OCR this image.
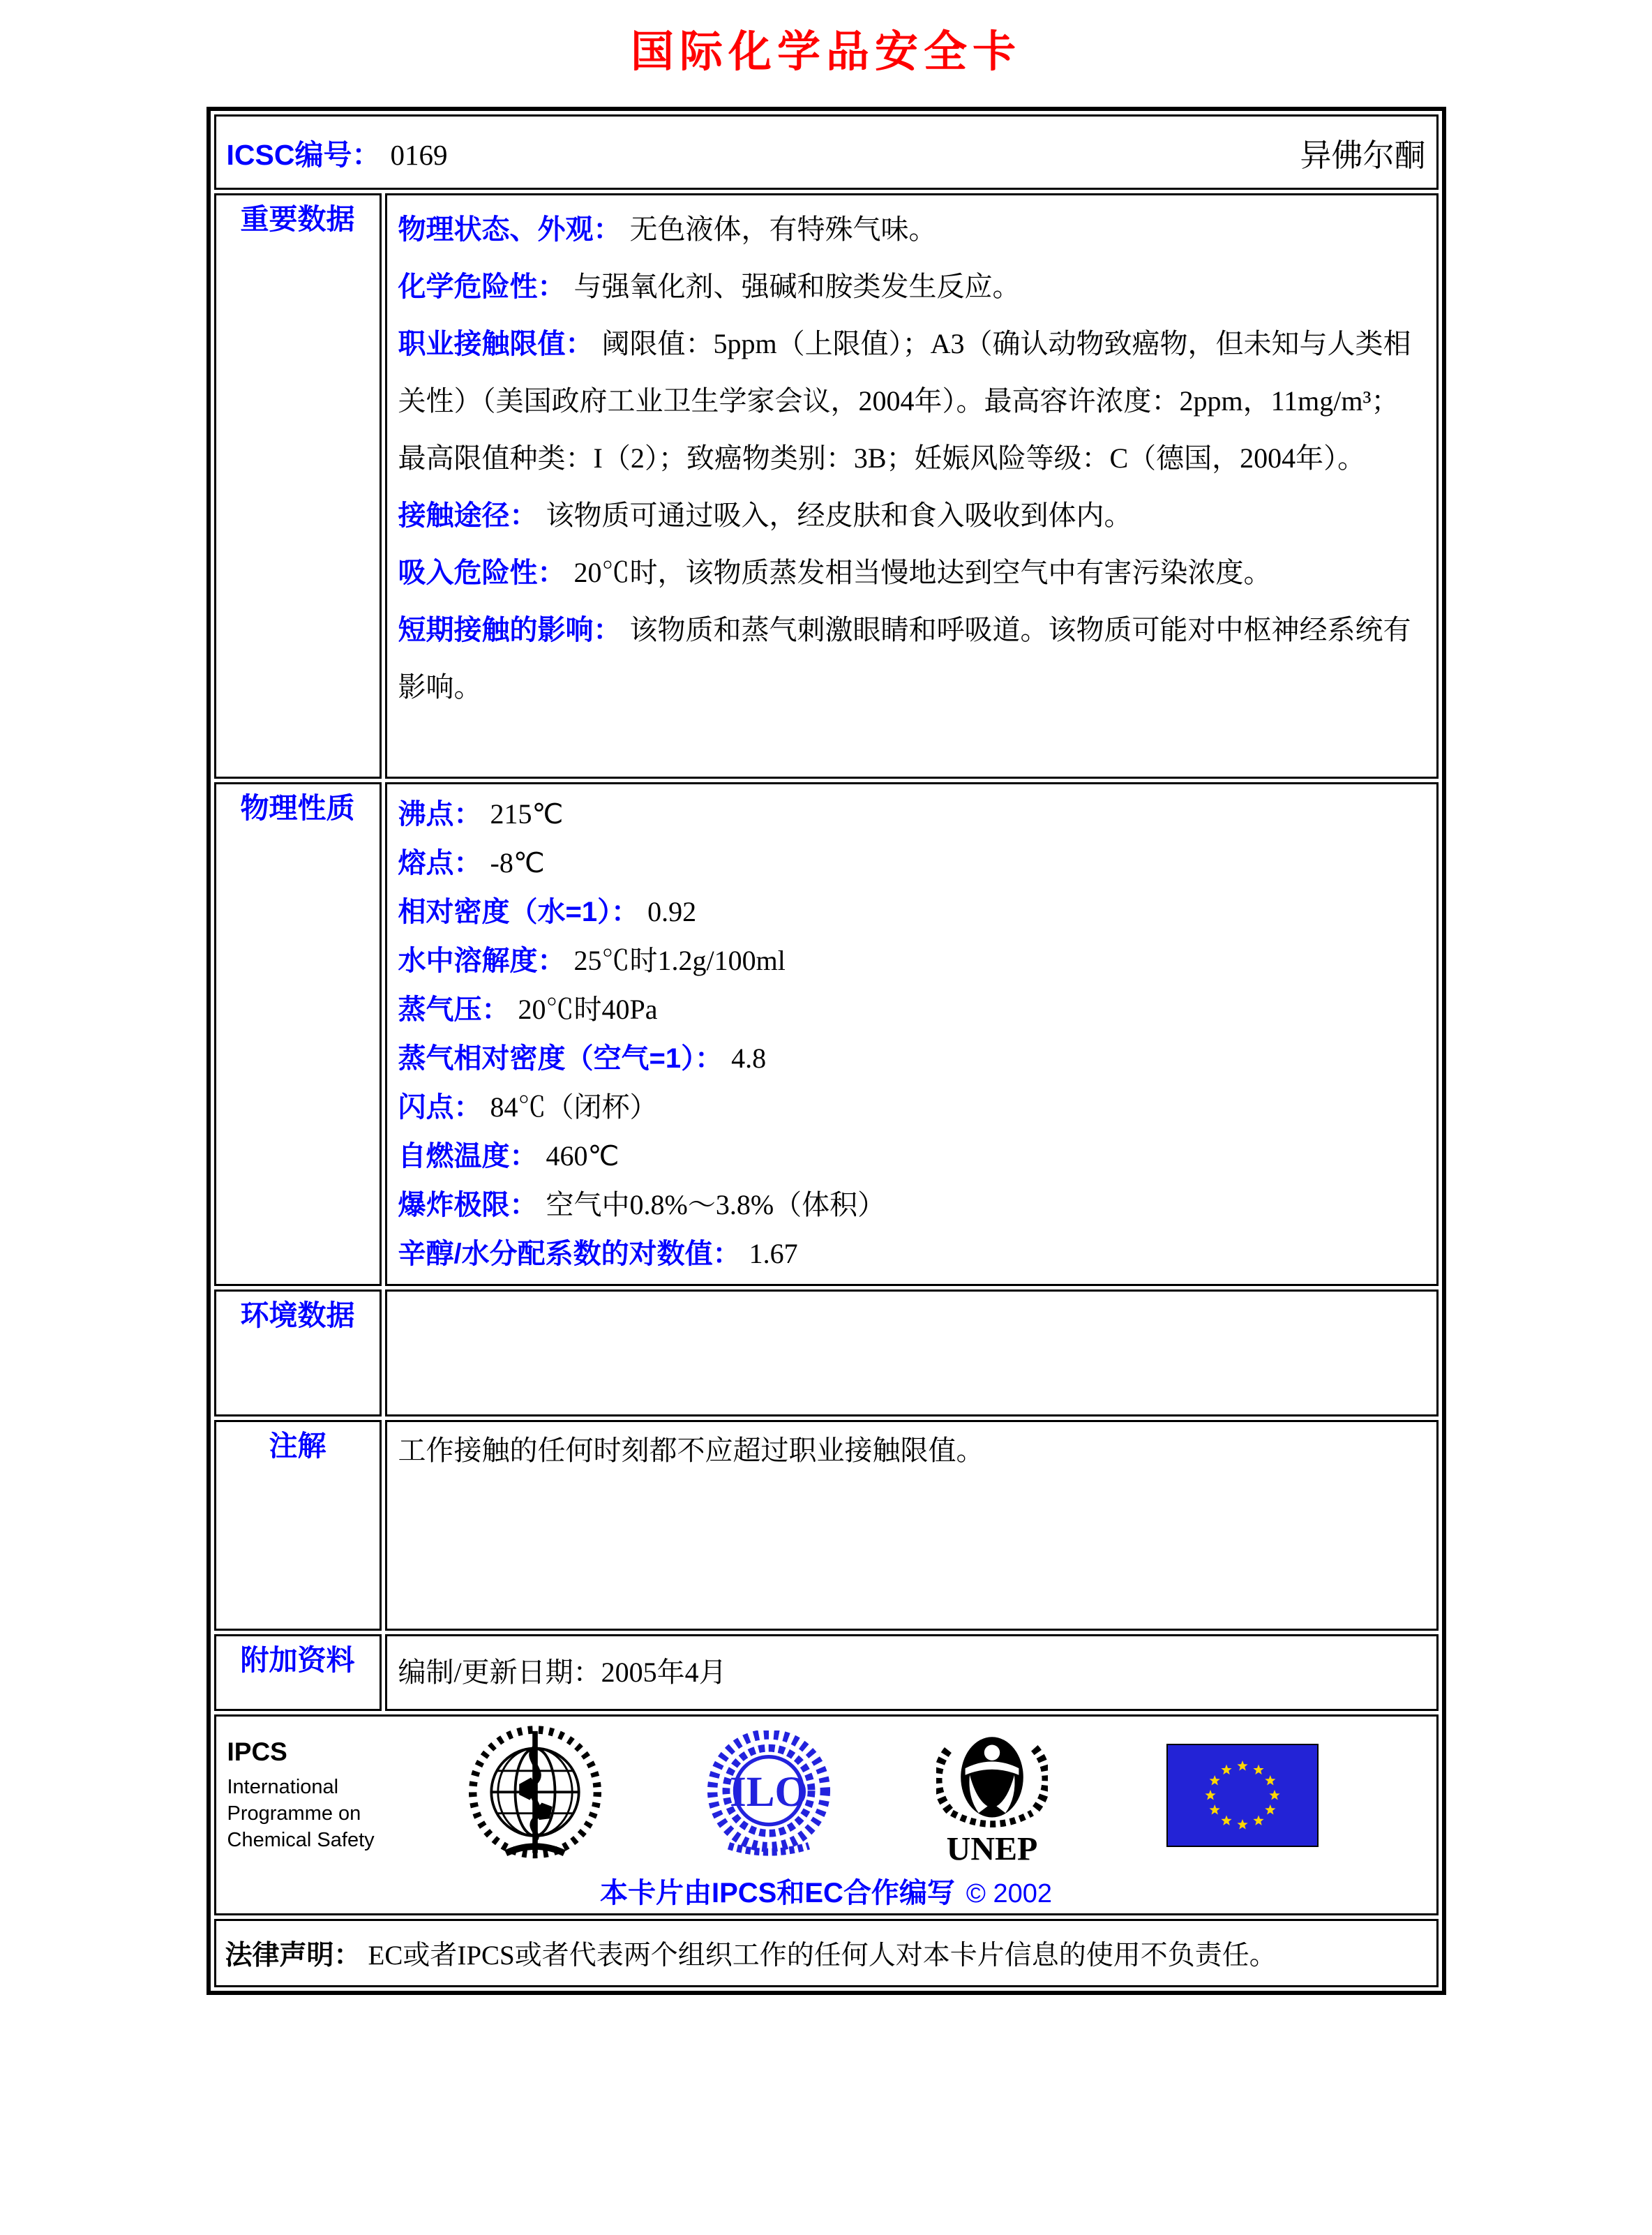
国际化学品安全卡
ICSC编号： 0169 异佛尔酮	

重要数据	物理状态、外观： 无色液体，有特殊气味。
化学危险性： 与强氧化剂、强碱和胺类发生反应。
职业接触限值： 阈限值：5ppm（上限值）；A3（确认动物致癌物，但未知与人类相关性）（美国政府工业卫生学家会议，2004年）。最高容许浓度：2ppm，11mg/m³；最高限值种类：I（2）；致癌物类别：3B；妊娠风险等级：C（德国，2004年）。
接触途径： 该物质可通过吸入，经皮肤和食入吸收到体内。
吸入危险性： 20℃时，该物质蒸发相当慢地达到空气中有害污染浓度。
短期接触的影响： 该物质和蒸气刺激眼睛和呼吸道。该物质可能对中枢神经系统有影响。

物理性质	沸点： 215℃
熔点： -8℃
相对密度（水=1）： 0.92
水中溶解度： 25℃时1.2g/100ml
蒸气压： 20℃时40Pa
蒸气相对密度（空气=1）： 4.8
闪点： 84℃（闭杯）
自燃温度： 460℃
爆炸极限： 空气中0.8%～3.8%（体积）
辛醇/水分配系数的对数值： 1.67

环境数据	
注解	工作接触的任何时刻都不应超过职业接触限值。

附加资料	编制/更新日期：2005年4月

IPCS
International
Programme on
Chemical Safety
ILO
UNEP
本卡片由IPCS和EC合作编写 © 2002

法律声明： EC或者IPCS或者代表两个组织工作的任何人对本卡片信息的使用不负责任。	
